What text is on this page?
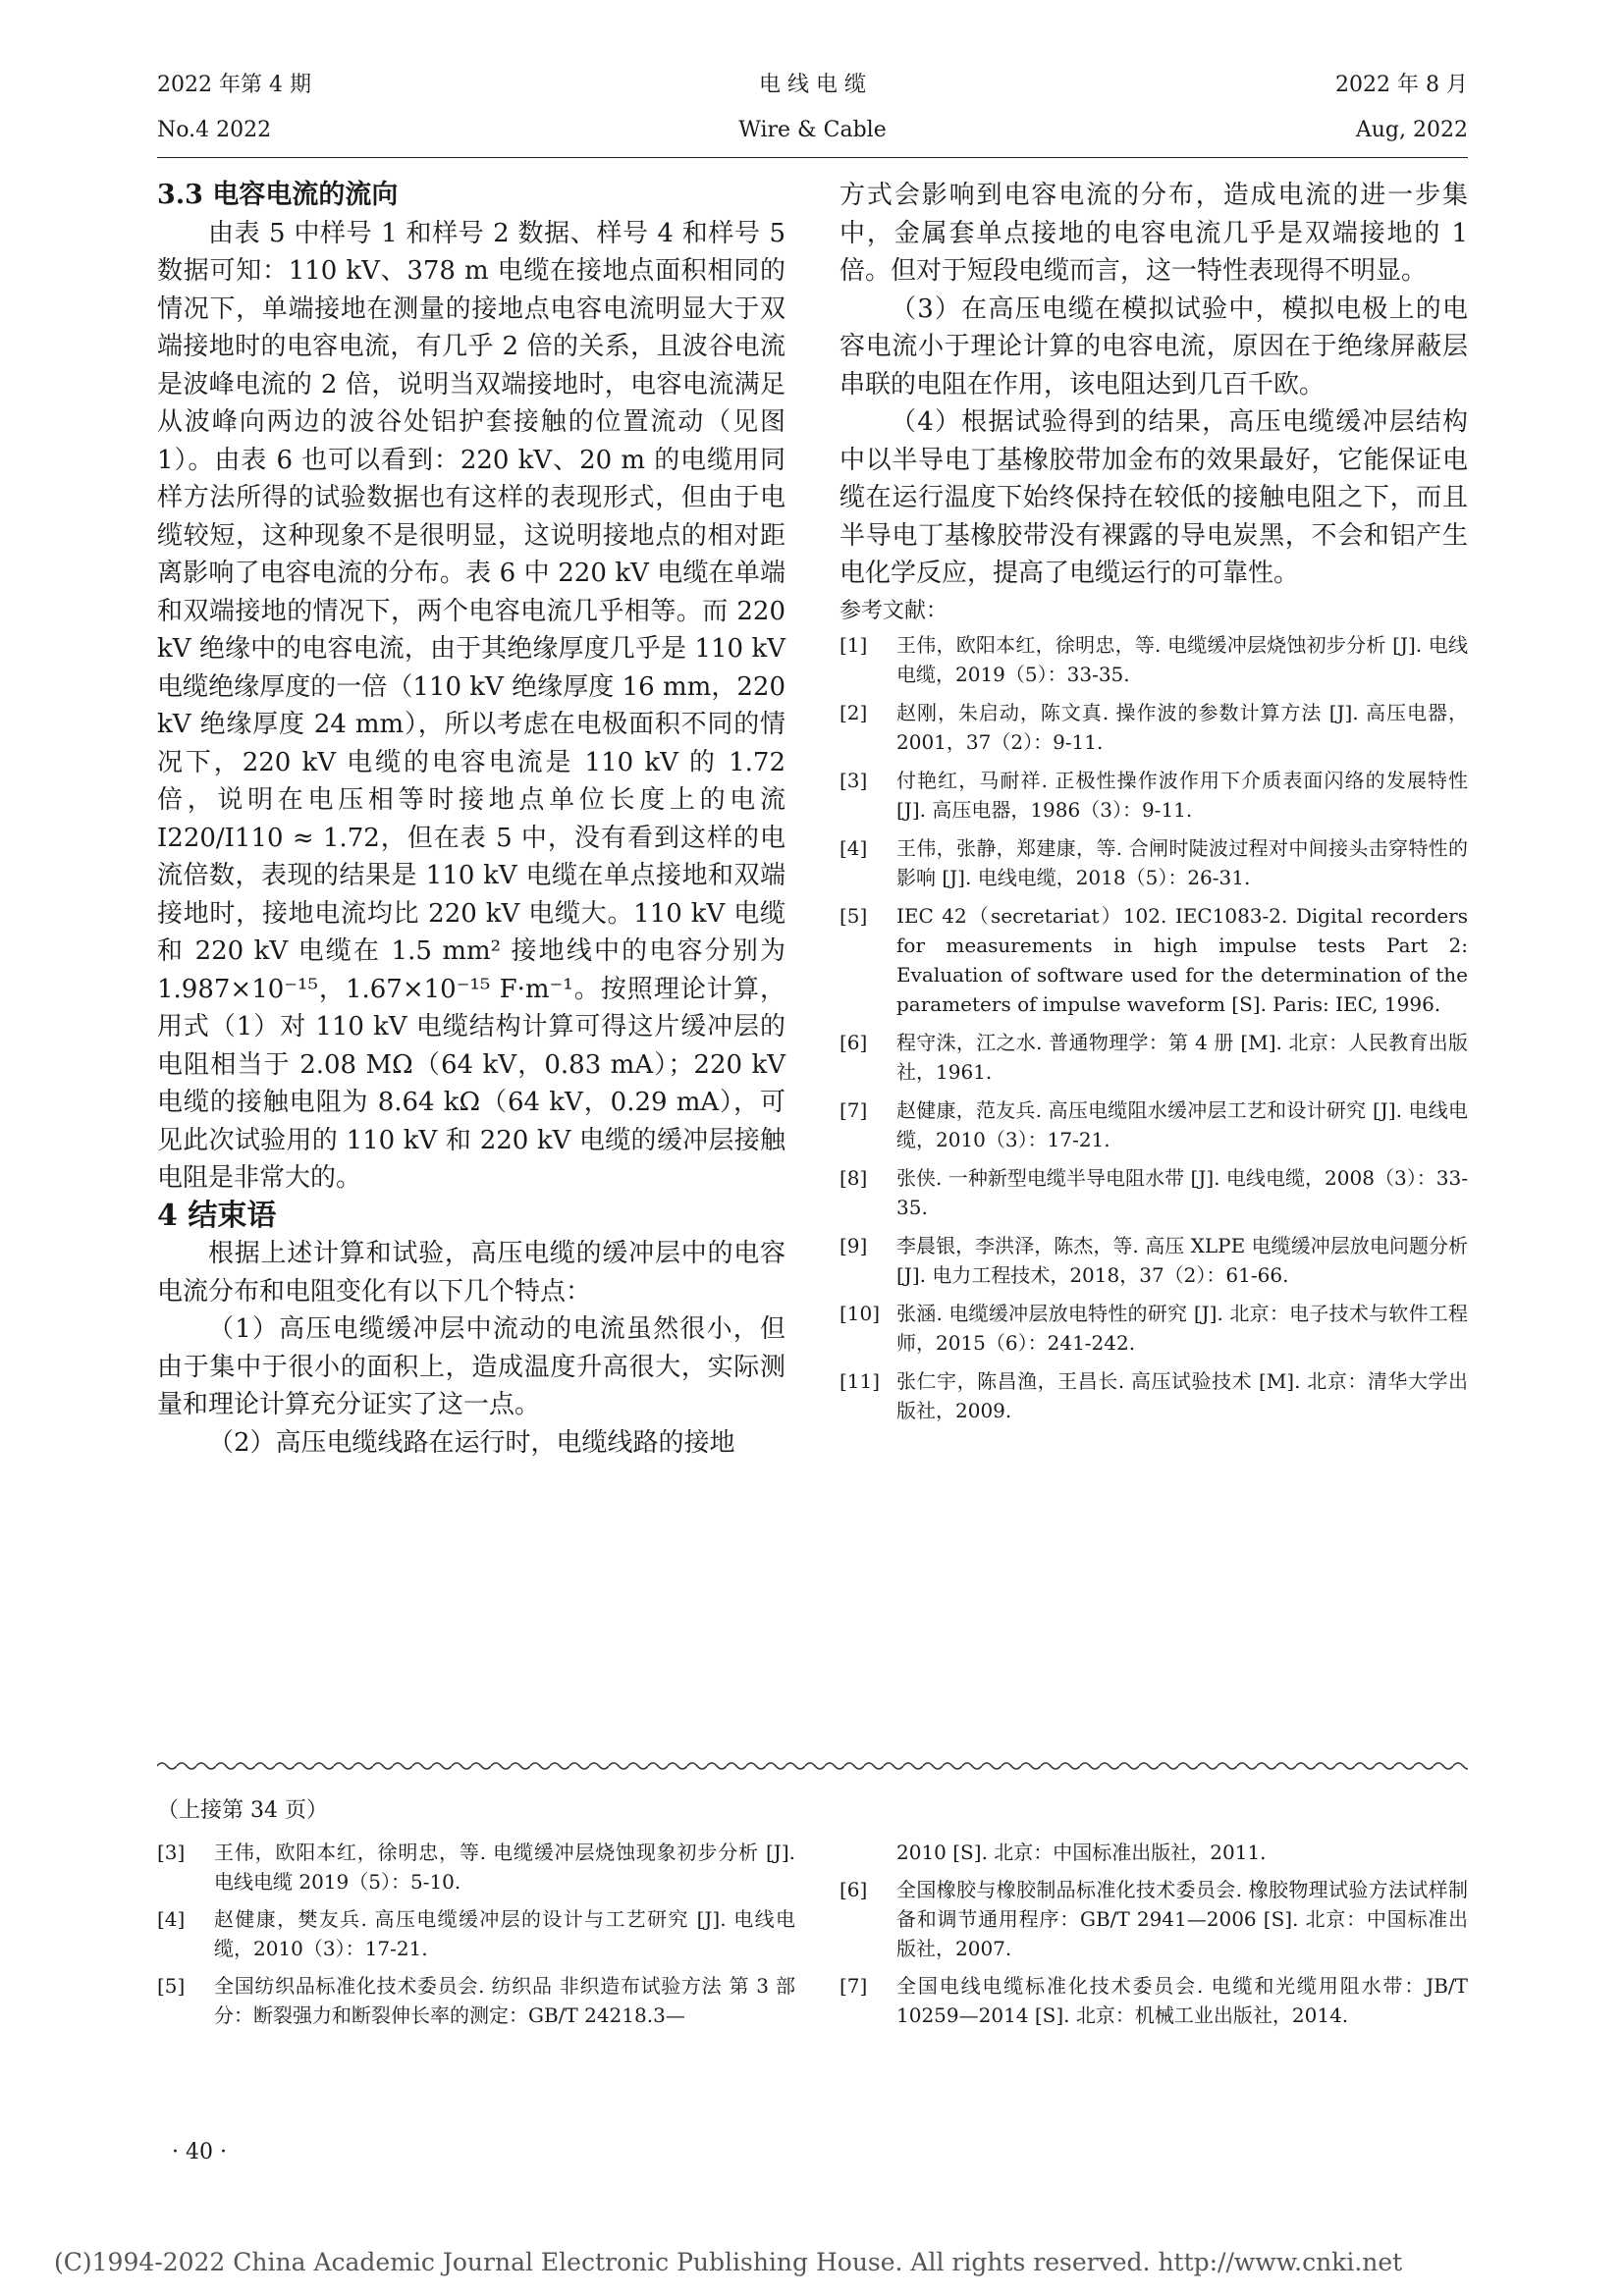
2022 年第 4 期
No.4 2022
电 线 电 缆
Wire & Cable
2022 年 8 月
Aug, 2022

3.3 电容电流的流向

由表 5 中样号 1 和样号 2 数据、样号 4 和样号 5 数据可知：110 kV、378 m 电缆在接地点面积相同的情况下，单端接地在测量的接地点电容电流明显大于双端接地时的电容电流，有几乎 2 倍的关系，且波谷电流是波峰电流的 2 倍，说明当双端接地时，电容电流满足从波峰向两边的波谷处铝护套接触的位置流动（见图 1）。由表 6 也可以看到：220 kV、20 m 的电缆用同样方法所得的试验数据也有这样的表现形式，但由于电缆较短，这种现象不是很明显，这说明接地点的相对距离影响了电容电流的分布。表 6 中 220 kV 电缆在单端和双端接地的情况下，两个电容电流几乎相等。而 220 kV 绝缘中的电容电流，由于其绝缘厚度几乎是 110 kV 电缆绝缘厚度的一倍（110 kV 绝缘厚度 16 mm，220 kV 绝缘厚度 24 mm），所以考虑在电极面积不同的情况下，220 kV 电缆的电容电流是 110 kV 的 1.72 倍，说明在电压相等时接地点单位长度上的电流 I220/I110 ≈ 1.72，但在表 5 中，没有看到这样的电流倍数，表现的结果是 110 kV 电缆在单点接地和双端接地时，接地电流均比 220 kV 电缆大。110 kV 电缆和 220 kV 电缆在 1.5 mm² 接地线中的电容分别为 1.987×10⁻¹⁵，1.67×10⁻¹⁵ F·m⁻¹。按照理论计算，用式（1）对 110 kV 电缆结构计算可得这片缓冲层的电阻相当于 2.08 MΩ（64 kV，0.83 mA）；220 kV 电缆的接触电阻为 8.64 kΩ（64 kV，0.29 mA），可见此次试验用的 110 kV 和 220 kV 电缆的缓冲层接触电阻是非常大的。

4 结束语

根据上述计算和试验，高压电缆的缓冲层中的电容电流分布和电阻变化有以下几个特点：

（1）高压电缆缓冲层中流动的电流虽然很小，但由于集中于很小的面积上，造成温度升高很大，实际测量和理论计算充分证实了这一点。

（2）高压电缆线路在运行时，电缆线路的接地

方式会影响到电容电流的分布，造成电流的进一步集中，金属套单点接地的电容电流几乎是双端接地的 1 倍。但对于短段电缆而言，这一特性表现得不明显。

（3）在高压电缆在模拟试验中，模拟电极上的电容电流小于理论计算的电容电流，原因在于绝缘屏蔽层串联的电阻在作用，该电阻达到几百千欧。

（4）根据试验得到的结果，高压电缆缓冲层结构中以半导电丁基橡胶带加金布的效果最好，它能保证电缆在运行温度下始终保持在较低的接触电阻之下，而且半导电丁基橡胶带没有裸露的导电炭黑，不会和铝产生电化学反应，提高了电缆运行的可靠性。

参考文献：

[1]	王伟，欧阳本红，徐明忠，等. 电缆缓冲层烧蚀初步分析 [J]. 电线电缆，2019（5）：33-35.
[2]	赵刚，朱启动，陈文真. 操作波的参数计算方法 [J]. 高压电器，2001，37（2）：9-11.
[3]	付艳红，马耐祥. 正极性操作波作用下介质表面闪络的发展特性 [J]. 高压电器，1986（3）：9-11.
[4]	王伟，张静，郑建康，等. 合闸时陡波过程对中间接头击穿特性的影响 [J]. 电线电缆，2018（5）：26-31.
[5]	IEC 42（secretariat）102. IEC1083-2. Digital recorders for measurements in high impulse tests Part 2: Evaluation of software used for the determination of the parameters of impulse waveform [S]. Paris: IEC, 1996.
[6]	程守洙，江之水. 普通物理学：第 4 册 [M]. 北京：人民教育出版社，1961.
[7]	赵健康，范友兵. 高压电缆阻水缓冲层工艺和设计研究 [J]. 电线电缆，2010（3）：17-21.
[8]	张侠. 一种新型电缆半导电阻水带 [J]. 电线电缆，2008（3）：33-35.
[9]	李晨银，李洪泽，陈杰，等. 高压 XLPE 电缆缓冲层放电问题分析 [J]. 电力工程技术，2018，37（2）：61-66.
[10] 张涵. 电缆缓冲层放电特性的研究 [J]. 北京：电子技术与软件工程师，2015（6）：241-242.
[11] 张仁宇，陈昌渔，王昌长. 高压试验技术 [M]. 北京：清华大学出版社，2009.
（上接第 34 页）
[3]	王伟，欧阳本红，徐明忠，等. 电缆缓冲层烧蚀现象初步分析 [J]. 电线电缆 2019（5）：5-10.
[4]	赵健康，樊友兵. 高压电缆缓冲层的设计与工艺研究 [J]. 电线电缆，2010（3）：17-21.
[5]	全国纺织品标准化技术委员会. 纺织品 非织造布试验方法 第 3 部分：断裂强力和断裂伸长率的测定：GB/T 24218.3—
2010 [S]. 北京：中国标准出版社，2011.
[6]	全国橡胶与橡胶制品标准化技术委员会. 橡胶物理试验方法试样制备和调节通用程序：GB/T 2941—2006 [S]. 北京：中国标准出版社，2007.
[7]	全国电线电缆标准化技术委员会. 电缆和光缆用阻水带：JB/T 10259—2014 [S]. 北京：机械工业出版社，2014.
· 40 ·
(C)1994-2022 China Academic Journal Electronic Publishing House. All rights reserved. http://www.cnki.net
